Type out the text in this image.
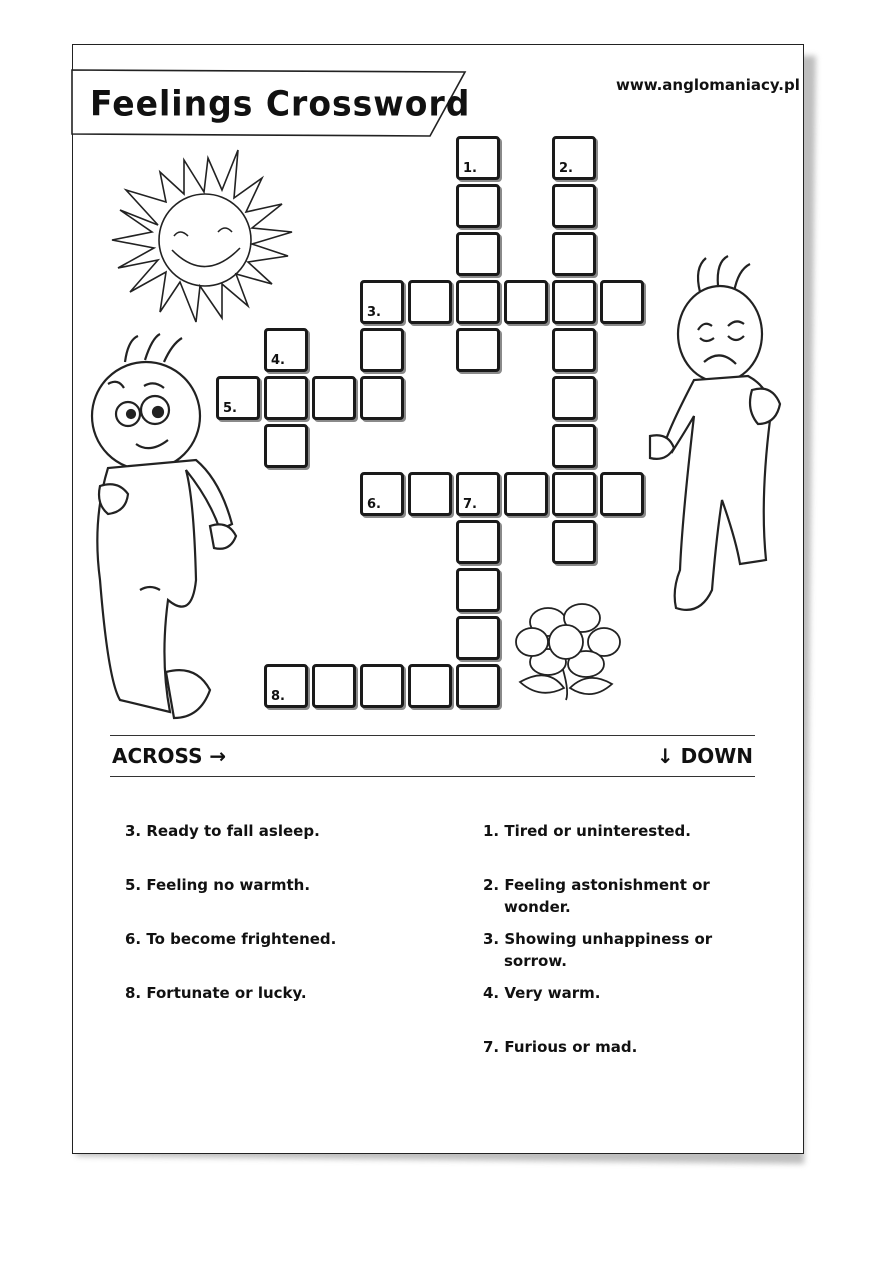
Feelings Crossword	www.anglomaniacy.pl
1.	2.
3.
4.
5.
6.	7.
8.
ACROSS →	↓ DOWN
3. Ready to fall asleep.
5. Feeling no warmth.
6. To become frightened.
8. Fortunate or lucky.
1. Tired or uninterested.
2. Feeling astonishment or wonder.
3. Showing unhappiness or sorrow.
4. Very warm.
7. Furious or mad.
